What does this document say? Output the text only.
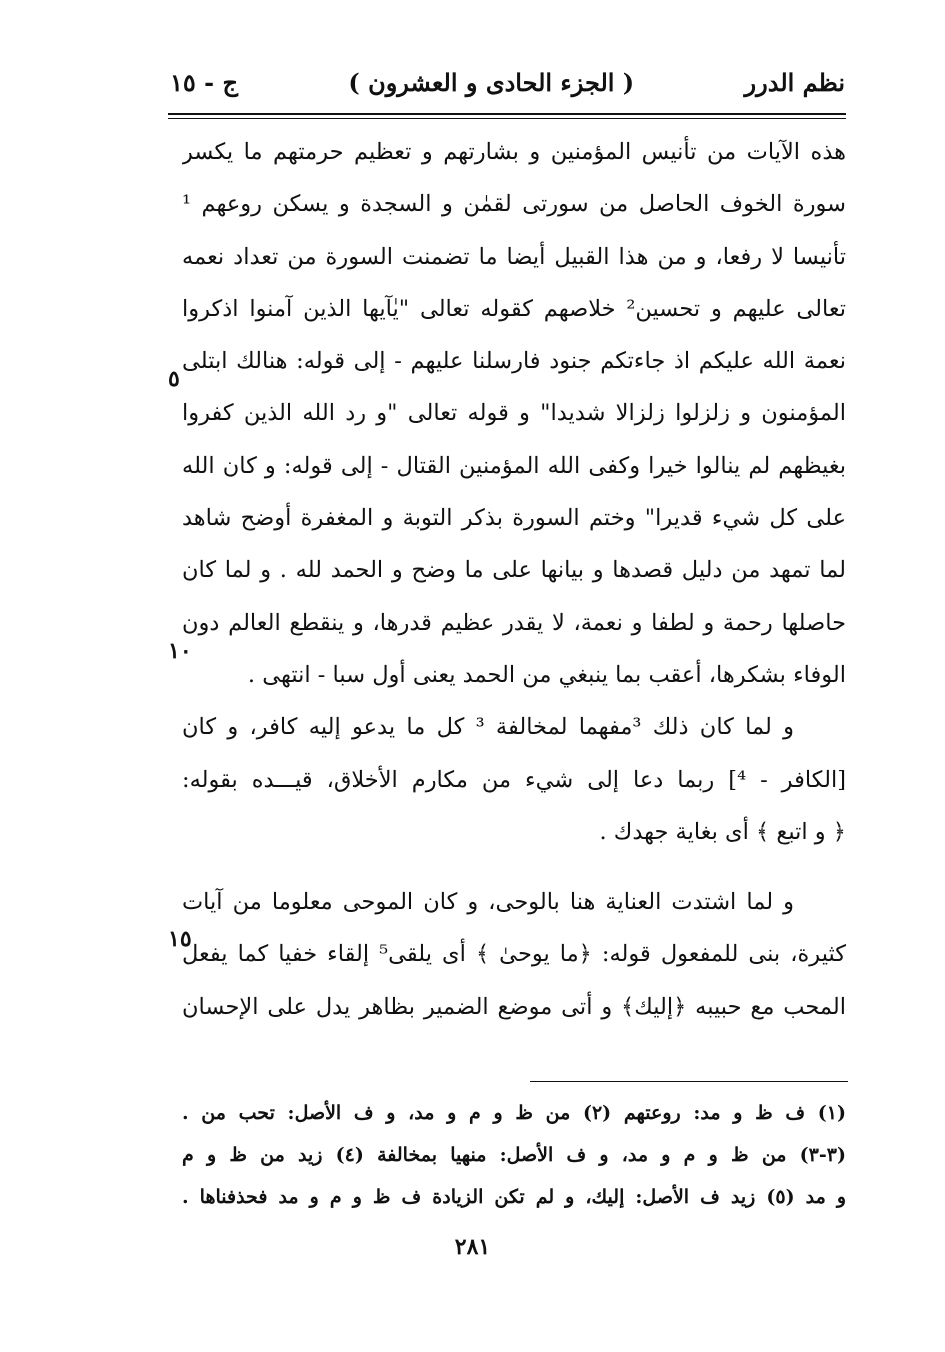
نظم الدرر
( الجزء الحادى و العشرون )
ج - ١٥
هذه الآيات من تأنيس المؤمنين و بشارتهم و تعظيم حرمتهم ما يكسر
سورة الخوف الحاصل من سورتى لقمٰن و السجدة و يسكن روعهم ¹
تأنيسا لا رفعا، و من هذا القبيل أيضا ما تضمنت السورة من تعداد نعمه
تعالى عليهم و تحسين² خلاصهم كقوله تعالى "يٰآيها الذين آمنوا اذكروا
نعمة الله عليكم اذ جاءتكم جنود فارسلنا عليهم - إلى قوله: هنالك ابتلى
المؤمنون و زلزلوا زلزالا شديدا" و قوله تعالى "و رد الله الذين كفروا
بغيظهم لم ينالوا خيرا وكفى الله المؤمنين القتال - إلى قوله: و كان الله
على كل شيء قديرا" وختم السورة بذكر التوبة و المغفرة أوضح شاهد
لما تمهد من دليل قصدها و بيانها على ما وضح و الحمد لله . و لما كان
حاصلها رحمة و لطفا و نعمة، لا يقدر عظيم قدرها، و ينقطع العالم دون
الوفاء بشكرها، أعقب بما ينبغي من الحمد يعنى أول سبا - انتهى .
و لما كان ذلك ³مفهما لمخالفة ³ كل ما يدعو إليه كافر، و كان
[الكافر - ⁴] ربما دعا إلى شيء من مكارم الأخلاق، قيـــده بقوله:
﴿ و اتبع ﴾ أى بغاية جهدك .
و لما اشتدت العناية هنا بالوحى، و كان الموحى معلوما من آيات
كثيرة، بنى للمفعول قوله: ﴿ما يوحىٰ ﴾ أى يلقى⁵ إلقاء خفيا كما يفعل
المحب مع حبيبه ﴿إليك﴾ و أتى موضع الضمير بظاهر يدل على الإحسان
٥
١٠
١٥
(١) ف ظ و مد: روعتهم (٢) من ظ و م و مد، و ف الأصل: تحب من .
(٣-٣) من ظ و م و مد، و ف الأصل: منهيا بمخالفة (٤) زيد من ظ و م
و مد (٥) زيد ف الأصل: إليك، و لم تكن الزيادة ف ظ و م و مد فحذفناها .
٢٨١
